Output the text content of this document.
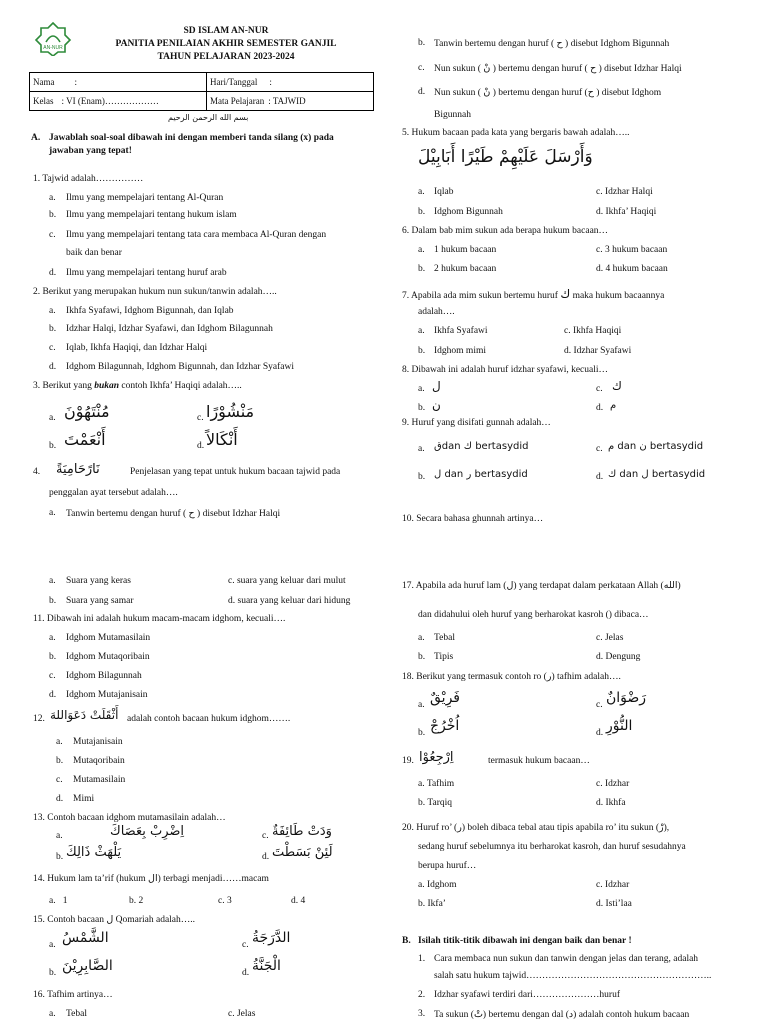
AN-NUR
SD ISLAM AN-NUR
PANITIA PENILAIAN AKHIR SEMESTER GANJIL
TAHUN PELAJARAN 2023-2024
Nama :	Hari/Tanggal :
Kelas : VI (Enam)………………	Mata Pelajaran : TAJWID
بسم الله الرحمن الرحيم
A. Jawablah soal-soal dibawah ini dengan memberi tanda silang (x) pada
jawaban yang tepat!
1. Tajwid adalah……………
a. Ilmu yang mempelajari tentang Al-Quran
b. Ilmu yang mempelajari tentang hukum islam
c. Ilmu yang mempelajari tentang tata cara membaca Al-Quran dengan
baik dan benar
d. Ilmu yang mempelajari tentang huruf arab
2. Berikut yang merupakan hukum nun sukun/tanwin adalah…..
a. Ikhfa Syafawi, Idghom Bigunnah, dan Iqlab
b. Idzhar Halqi, Idzhar Syafawi, dan Idghom Bilagunnah
c. Iqlab, Ikhfa Haqiqi, dan Idzhar Halqi
d. Idghom Bilagunnah, Idghom Bigunnah, dan Idzhar Syafawi
3. Berikut yang bukan contoh Ikhfa’ Haqiqi adalah…..
a. مُنْتَهُوْنَ	c. مَنْشُوْرًا
b. أَنْعَمْتَ	d. أَنْكَالاً
4. نَارًحَامِيَةً	Penjelasan yang tepat untuk hukum bacaan tajwid pada
penggalan ayat tersebut adalah….
a. Tanwin bertemu dengan huruf ( ح ) disebut Idzhar Halqi
a. Suara yang keras	c. suara yang keluar dari mulut
b. Suara yang samar	d. suara yang keluar dari hidung
11. Dibawah ini adalah hukum macam-macam idghom, kecuali….
a. Idghom Mutamasilain
b. Idghom Mutaqoribain
c. Idghom Bilagunnah
d. Idghom Mutajanisain
12. أَثْقَلَتْ دَعَوَاللهَ adalah contoh bacaan hukum idghom…….
a. Mutajanisain
b. Mutaqoribain
c. Mutamasilain
d. Mimi
13. Contoh bacaan idghom mutamasilain adalah…
a.	اِضْرِبْ بِعَصَاكَ	c. وَدَتْ طَائِفَةٌ
b. يَلْهَثْ ذَالِكَ	d. لَئِنْ بَسَطْتَ
14. Hukum lam ta’rif (hukum ال) terbagi menjadi……macam
a. 1	b. 2	c. 3	d. 4
15. Contoh bacaan ل Qomariah adalah…..
a. الشَّمْسُ	c. الدَّرَجَةُ
b. الصَّابِرِيْنَ	d. الْجَنَّةُ
16. Tafhim artinya…
a. Tebal	c. Jelas
b. Tanwin bertemu dengan huruf ( ح ) disebut Idghom Bigunnah
c. Nun sukun ( نْ ) bertemu dengan huruf ( ح ) disebut Idzhar Halqi
d. Nun sukun ( نْ ) bertemu dengan huruf (ح ) disebut Idghom
Bigunnah
5. Hukum bacaan pada kata yang bergaris bawah adalah…..
وَأَرْسَلَ عَلَيْهِمْ طَيْرًا أَبَابِيْلَ
a. Iqlab	c. Idzhar Halqi
b. Idghom Bigunnah	d. Ikhfa’ Haqiqi
6. Dalam bab mim sukun ada berapa hukum bacaan…
a. 1 hukum bacaan	c. 3 hukum bacaan
b. 2 hukum bacaan	d. 4 hukum bacaan
7. Apabila ada mim sukun bertemu huruf ك maka hukum bacaannya
adalah….
a. Ikhfa Syafawi	c. Ikhfa Haqiqi
b. Idghom mimi	d. Idzhar Syafawi
8. Dibawah ini adalah huruf idzhar syafawi, kecuali…
a. ل	c. ك
b. ن	d. م
9. Huruf yang disifati gunnah adalah…
a. قdan ك bertasydid	c. م dan ن bertasydid
b. ل dan ر bertasydid	d. ك dan ل bertasydid
10. Secara bahasa ghunnah artinya…
17. Apabila ada huruf lam (ل) yang terdapat dalam perkataan Allah (الله)
dan didahului oleh huruf yang berharokat kasroh () dibaca…
a. Tebal	c. Jelas
b. Tipis	d. Dengung
18. Berikut yang termasuk contoh ro (ر) tafhim adalah….
a. فَرِيْقٌ	c. رَضْوَانٌ
b. اُخْرُجْ	d. النُّوْرِ
19. اِرْجِعُوْا	termasuk hukum bacaan…
a. Tafhim	c. Idzhar
b. Tarqiq	d. Ikhfa
20. Huruf ro’ (ر) boleh dibaca tebal atau tipis apabila ro’ itu sukun (رْ),
sedang huruf sebelumnya itu berharokat kasroh, dan huruf sesudahnya
berupa huruf…
a. Idghom	c. Idzhar
b. Ikfa’	d. Isti’laa
B. Isilah titik-titik dibawah ini dengan baik dan benar !
1. Cara membaca nun sukun dan tanwin dengan jelas dan terang, adalah
salah satu hukum tajwid…………………………………………………..
2. Idzhar syafawi terdiri dari…………………huruf
3. Ta sukun (تْ) bertemu dengan dal (د) adalah contoh hukum bacaan
